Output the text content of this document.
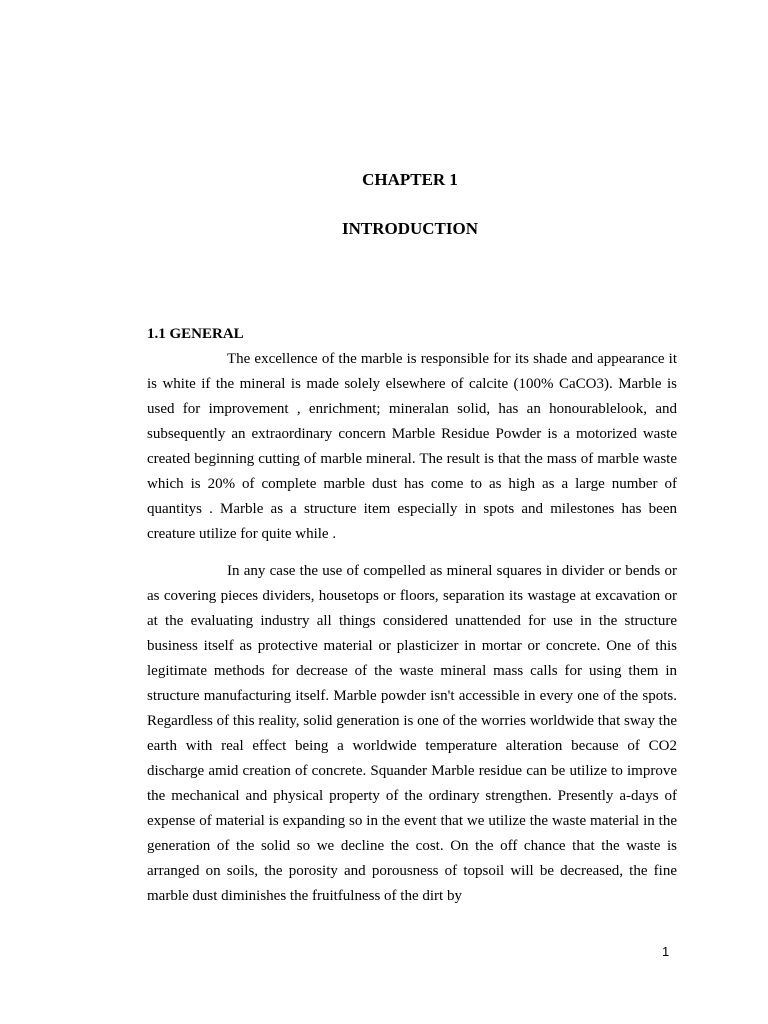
CHAPTER 1
INTRODUCTION
1.1 GENERAL

The excellence of the marble is responsible for its shade and appearance it is white if the mineral is made solely elsewhere of calcite (100% CaCO3). Marble is used for improvement , enrichment; mineralan solid, has an honourablelook, and subsequently an extraordinary concern Marble Residue Powder is a motorized waste created beginning cutting of marble mineral. The result is that the mass of marble waste which is 20% of complete marble dust has come to as high as a large number of quantitys . Marble as a structure item especially in spots and milestones has been creature utilize for quite while .

In any case the use of compelled as mineral squares in divider or bends or as covering pieces dividers, housetops or floors, separation its wastage at excavation or at the evaluating industry all things considered unattended for use in the structure business itself as protective material or plasticizer in mortar or concrete. One of this legitimate methods for decrease of the waste mineral mass calls for using them in structure manufacturing itself. Marble powder isn't accessible in every one of the spots. Regardless of this reality, solid generation is one of the worries worldwide that sway the earth with real effect being a worldwide temperature alteration because of CO2 discharge amid creation of concrete. Squander Marble residue can be utilize to improve the mechanical and physical property of the ordinary strengthen. Presently a-days of expense of material is expanding so in the event that we utilize the waste material in the generation of the solid so we decline the cost. On the off chance that the waste is arranged on soils, the porosity and porousness of topsoil will be decreased, the fine marble dust diminishes the fruitfulness of the dirt by

1
